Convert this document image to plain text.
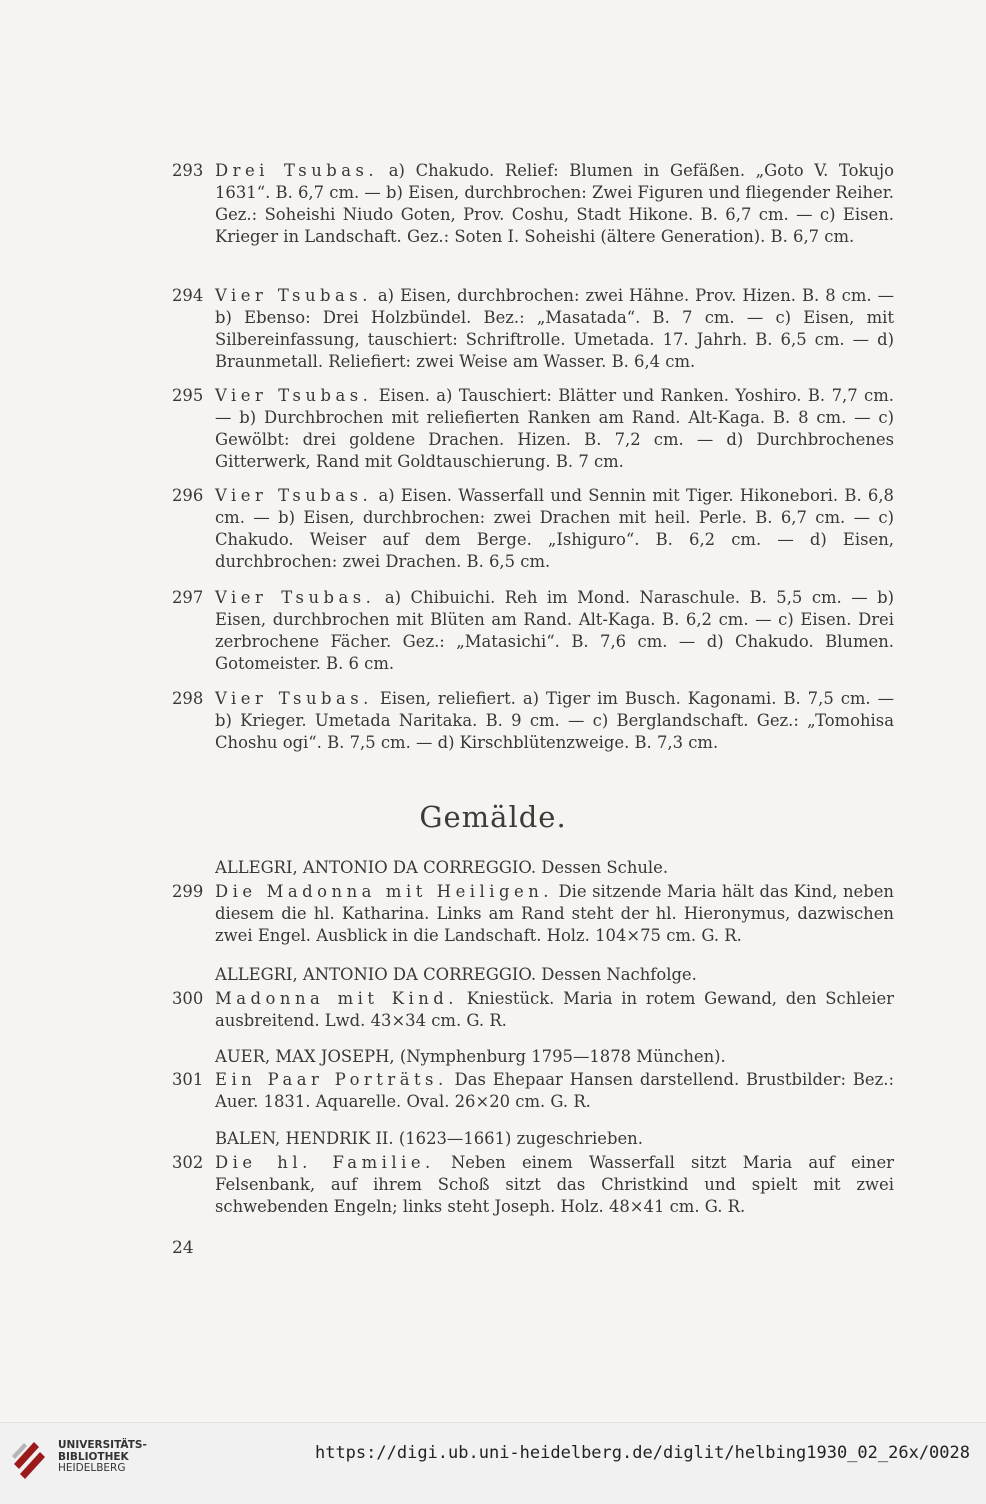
293 Drei Tsubas. a) Chakudo. Relief: Blumen in Gefäßen. „Goto V. Tokujo 1631“. B. 6,7 cm. — b) Eisen, durchbrochen: Zwei Figuren und fliegender Reiher. Gez.: Soheishi Niudo Goten, Prov. Coshu, Stadt Hikone. B. 6,7 cm. — c) Eisen. Krieger in Landschaft. Gez.: Soten I. Soheishi (ältere Generation). B. 6,7 cm.
294 Vier Tsubas. a) Eisen, durchbrochen: zwei Hähne. Prov. Hizen. B. 8 cm. — b) Ebenso: Drei Holzbündel. Bez.: „Masatada“. B. 7 cm. — c) Eisen, mit Silbereinfassung, tauschiert: Schriftrolle. Umetada. 17. Jahrh. B. 6,5 cm. — d) Braunmetall. Reliefiert: zwei Weise am Wasser. B. 6,4 cm.
295 Vier Tsubas. Eisen. a) Tauschiert: Blätter und Ranken. Yoshiro. B. 7,7 cm. — b) Durchbrochen mit reliefierten Ranken am Rand. Alt-Kaga. B. 8 cm. — c) Gewölbt: drei goldene Drachen. Hizen. B. 7,2 cm. — d) Durchbrochenes Gitterwerk, Rand mit Goldtauschierung. B. 7 cm.
296 Vier Tsubas. a) Eisen. Wasserfall und Sennin mit Tiger. Hikonebori. B. 6,8 cm. — b) Eisen, durchbrochen: zwei Drachen mit heil. Perle. B. 6,7 cm. — c) Chakudo. Weiser auf dem Berge. „Ishiguro“. B. 6,2 cm. — d) Eisen, durchbrochen: zwei Drachen. B. 6,5 cm.
297 Vier Tsubas. a) Chibuichi. Reh im Mond. Naraschule. B. 5,5 cm. — b) Eisen, durchbrochen mit Blüten am Rand. Alt-Kaga. B. 6,2 cm. — c) Eisen. Drei zerbrochene Fächer. Gez.: „Matasichi“. B. 7,6 cm. — d) Chakudo. Blumen. Gotomeister. B. 6 cm.
298 Vier Tsubas. Eisen, reliefiert. a) Tiger im Busch. Kagonami. B. 7,5 cm. — b) Krieger. Umetada Naritaka. B. 9 cm. — c) Berglandschaft. Gez.: „Tomohisa Choshu ogi“. B. 7,5 cm. — d) Kirschblütenzweige. B. 7,3 cm.
Gemälde.
ALLEGRI, ANTONIO DA CORREGGIO. Dessen Schule.
299 Die Madonna mit Heiligen. Die sitzende Maria hält das Kind, neben diesem die hl. Katharina. Links am Rand steht der hl. Hieronymus, dazwischen zwei Engel. Ausblick in die Landschaft. Holz. 104×75 cm. G. R.
ALLEGRI, ANTONIO DA CORREGGIO. Dessen Nachfolge.
300 Madonna mit Kind. Kniestück. Maria in rotem Gewand, den Schleier ausbreitend. Lwd. 43×34 cm. G. R.
AUER, MAX JOSEPH, (Nymphenburg 1795—1878 München).
301 Ein Paar Porträts. Das Ehepaar Hansen darstellend. Brustbilder: Bez.: Auer. 1831. Aquarelle. Oval. 26×20 cm. G. R.
BALEN, HENDRIK II. (1623—1661) zugeschrieben.
302 Die hl. Familie. Neben einem Wasserfall sitzt Maria auf einer Felsenbank, auf ihrem Schoß sitzt das Christkind und spielt mit zwei schwebenden Engeln; links steht Joseph. Holz. 48×41 cm. G. R.
24
UNIVERSITÄTS-
BIBLIOTHEK
HEIDELBERG
https://digi.ub.uni-heidelberg.de/diglit/helbing1930_02_26x/0028
